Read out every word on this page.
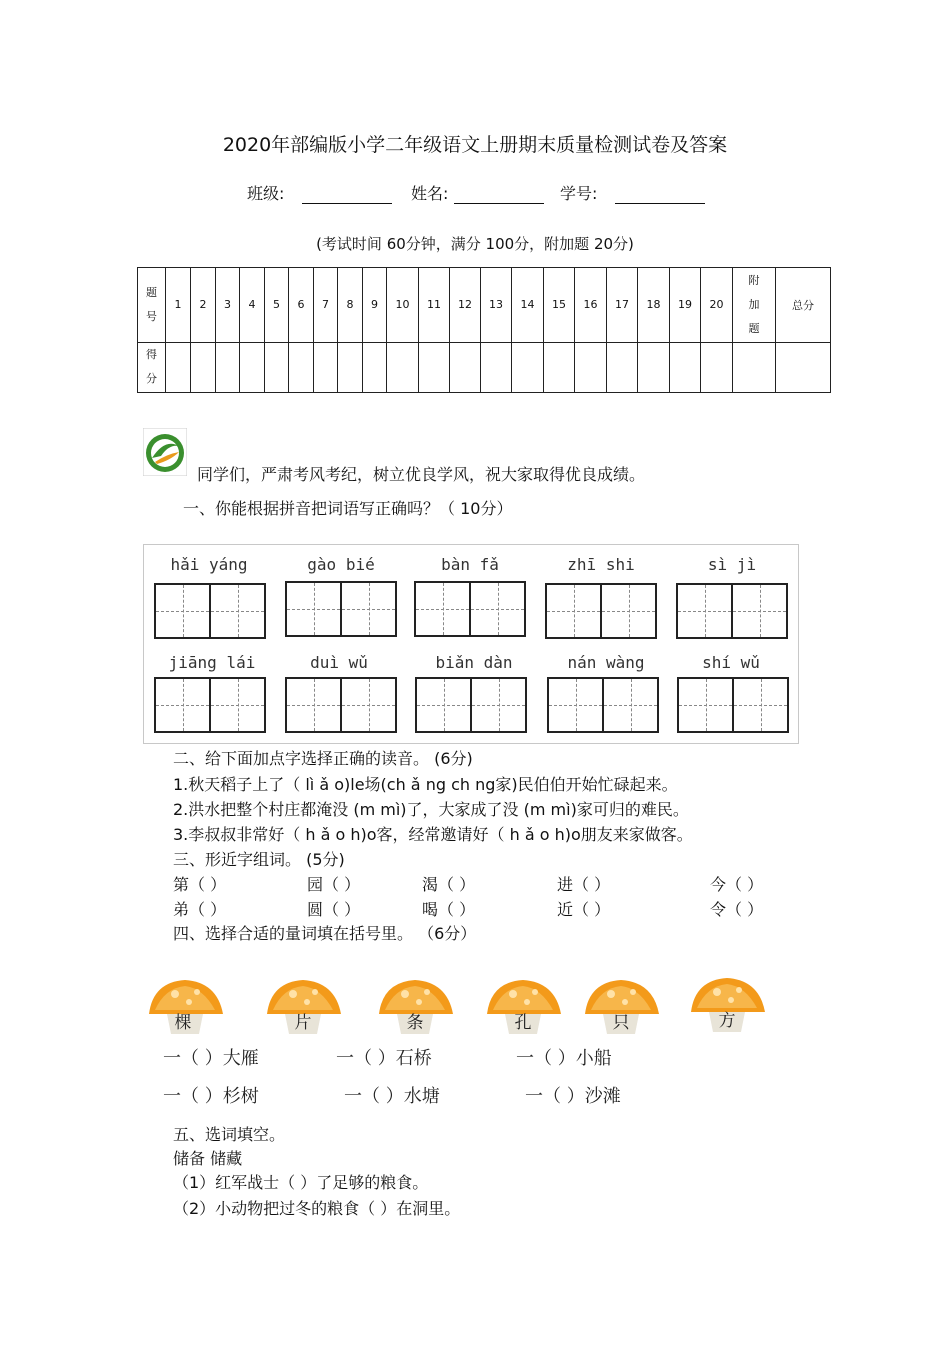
2020年部编版小学二年级语文上册期末质量检测试卷及答案
班级:	姓名:	学号:
(考试时间 60分钟，满分 100分，附加题 20分)
题号	1	2	3	4	5	6	7	8	9	10	11	12	13	14	15	16	17	18	19	20	附加题	总分
得分																						
同学们，严肃考风考纪，树立优良学风，祝大家取得优良成绩。
一、你能根据拼音把词语写正确吗？（ 10分）
hǎi yáng	gào bié	bàn fǎ	zhī shi	sì jì
jiāng lái	duì wǔ	biǎn dàn	nán wàng	shí wǔ
二、给下面加点字选择正确的读音。 (6分)
1.秋天稻子上了（ lì ǎ o)le场(ch ǎ ng ch ng家)民伯伯开始忙碌起来。
2.洪水把整个村庄都淹没 (m mì)了，大家成了没 (m mì)家可归的难民。
3.李叔叔非常好（ h ǎ o h)o客，经常邀请好（ h ǎ o h)o朋友来家做客。
三、形近字组词。 (5分)
第（ ）	园（ ）	渴（ ）	进（ ）	今（ ）
弟（ ）	圆（ ）	喝（ ）	近（ ）	令（ ）
四、选择合适的量词填在括号里。 （6分）
棵	片	条	孔	只	方
一（ ）大雁	一（ ）石桥	一（ ）小船
一（ ）杉树	一（ ）水塘	一（ ）沙滩
五、选词填空。
储备 储藏
（1）红军战士（ ）了足够的粮食。
（2）小动物把过冬的粮食（ ）在洞里。
